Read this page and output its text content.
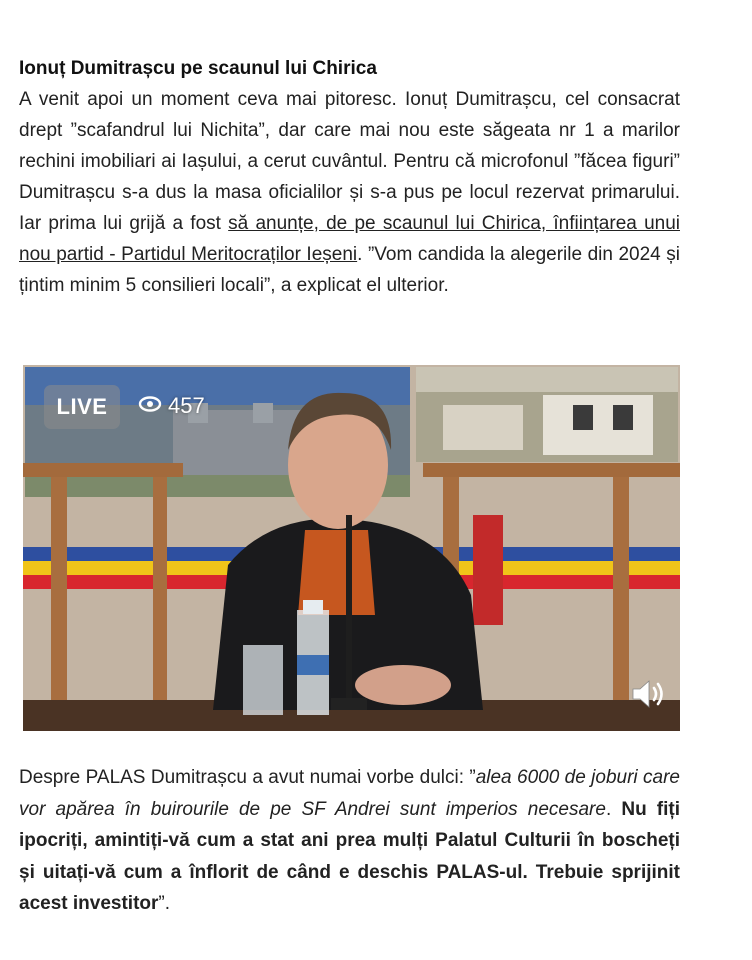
Ionuț Dumitrașcu pe scaunul lui Chirica

A venit apoi un moment ceva mai pitoresc. Ionuț Dumitrașcu, cel consacrat drept ”scafandrul lui Nichita”, dar care mai nou este săgeata nr 1 a marilor rechini imobiliari ai Iașului, a cerut cuvântul. Pentru că microfonul ”făcea figuri” Dumitrașcu s-a dus la masa oficialilor și s-a pus pe locul rezervat primarului. Iar prima lui grijă a fost să anunțe, de pe scaunul lui Chirica, înființarea unui nou partid - Partidul Meritocraților Ieșeni. ”Vom candida la alegerile din 2024 și țintim minim 5 consilieri locali”, a explicat el ulterior.

LIVE	457

Despre PALAS Dumitrașcu a avut numai vorbe dulci: ”alea 6000 de joburi care vor apărea în buirourile de pe SF Andrei sunt imperios necesare. Nu fiți ipocriți, amintiți-vă cum a stat ani prea mulți Palatul Culturii în boscheți și uitați-vă cum a înflorit de când e deschis PALAS-ul. Trebuie sprijinit acest investitor”.
